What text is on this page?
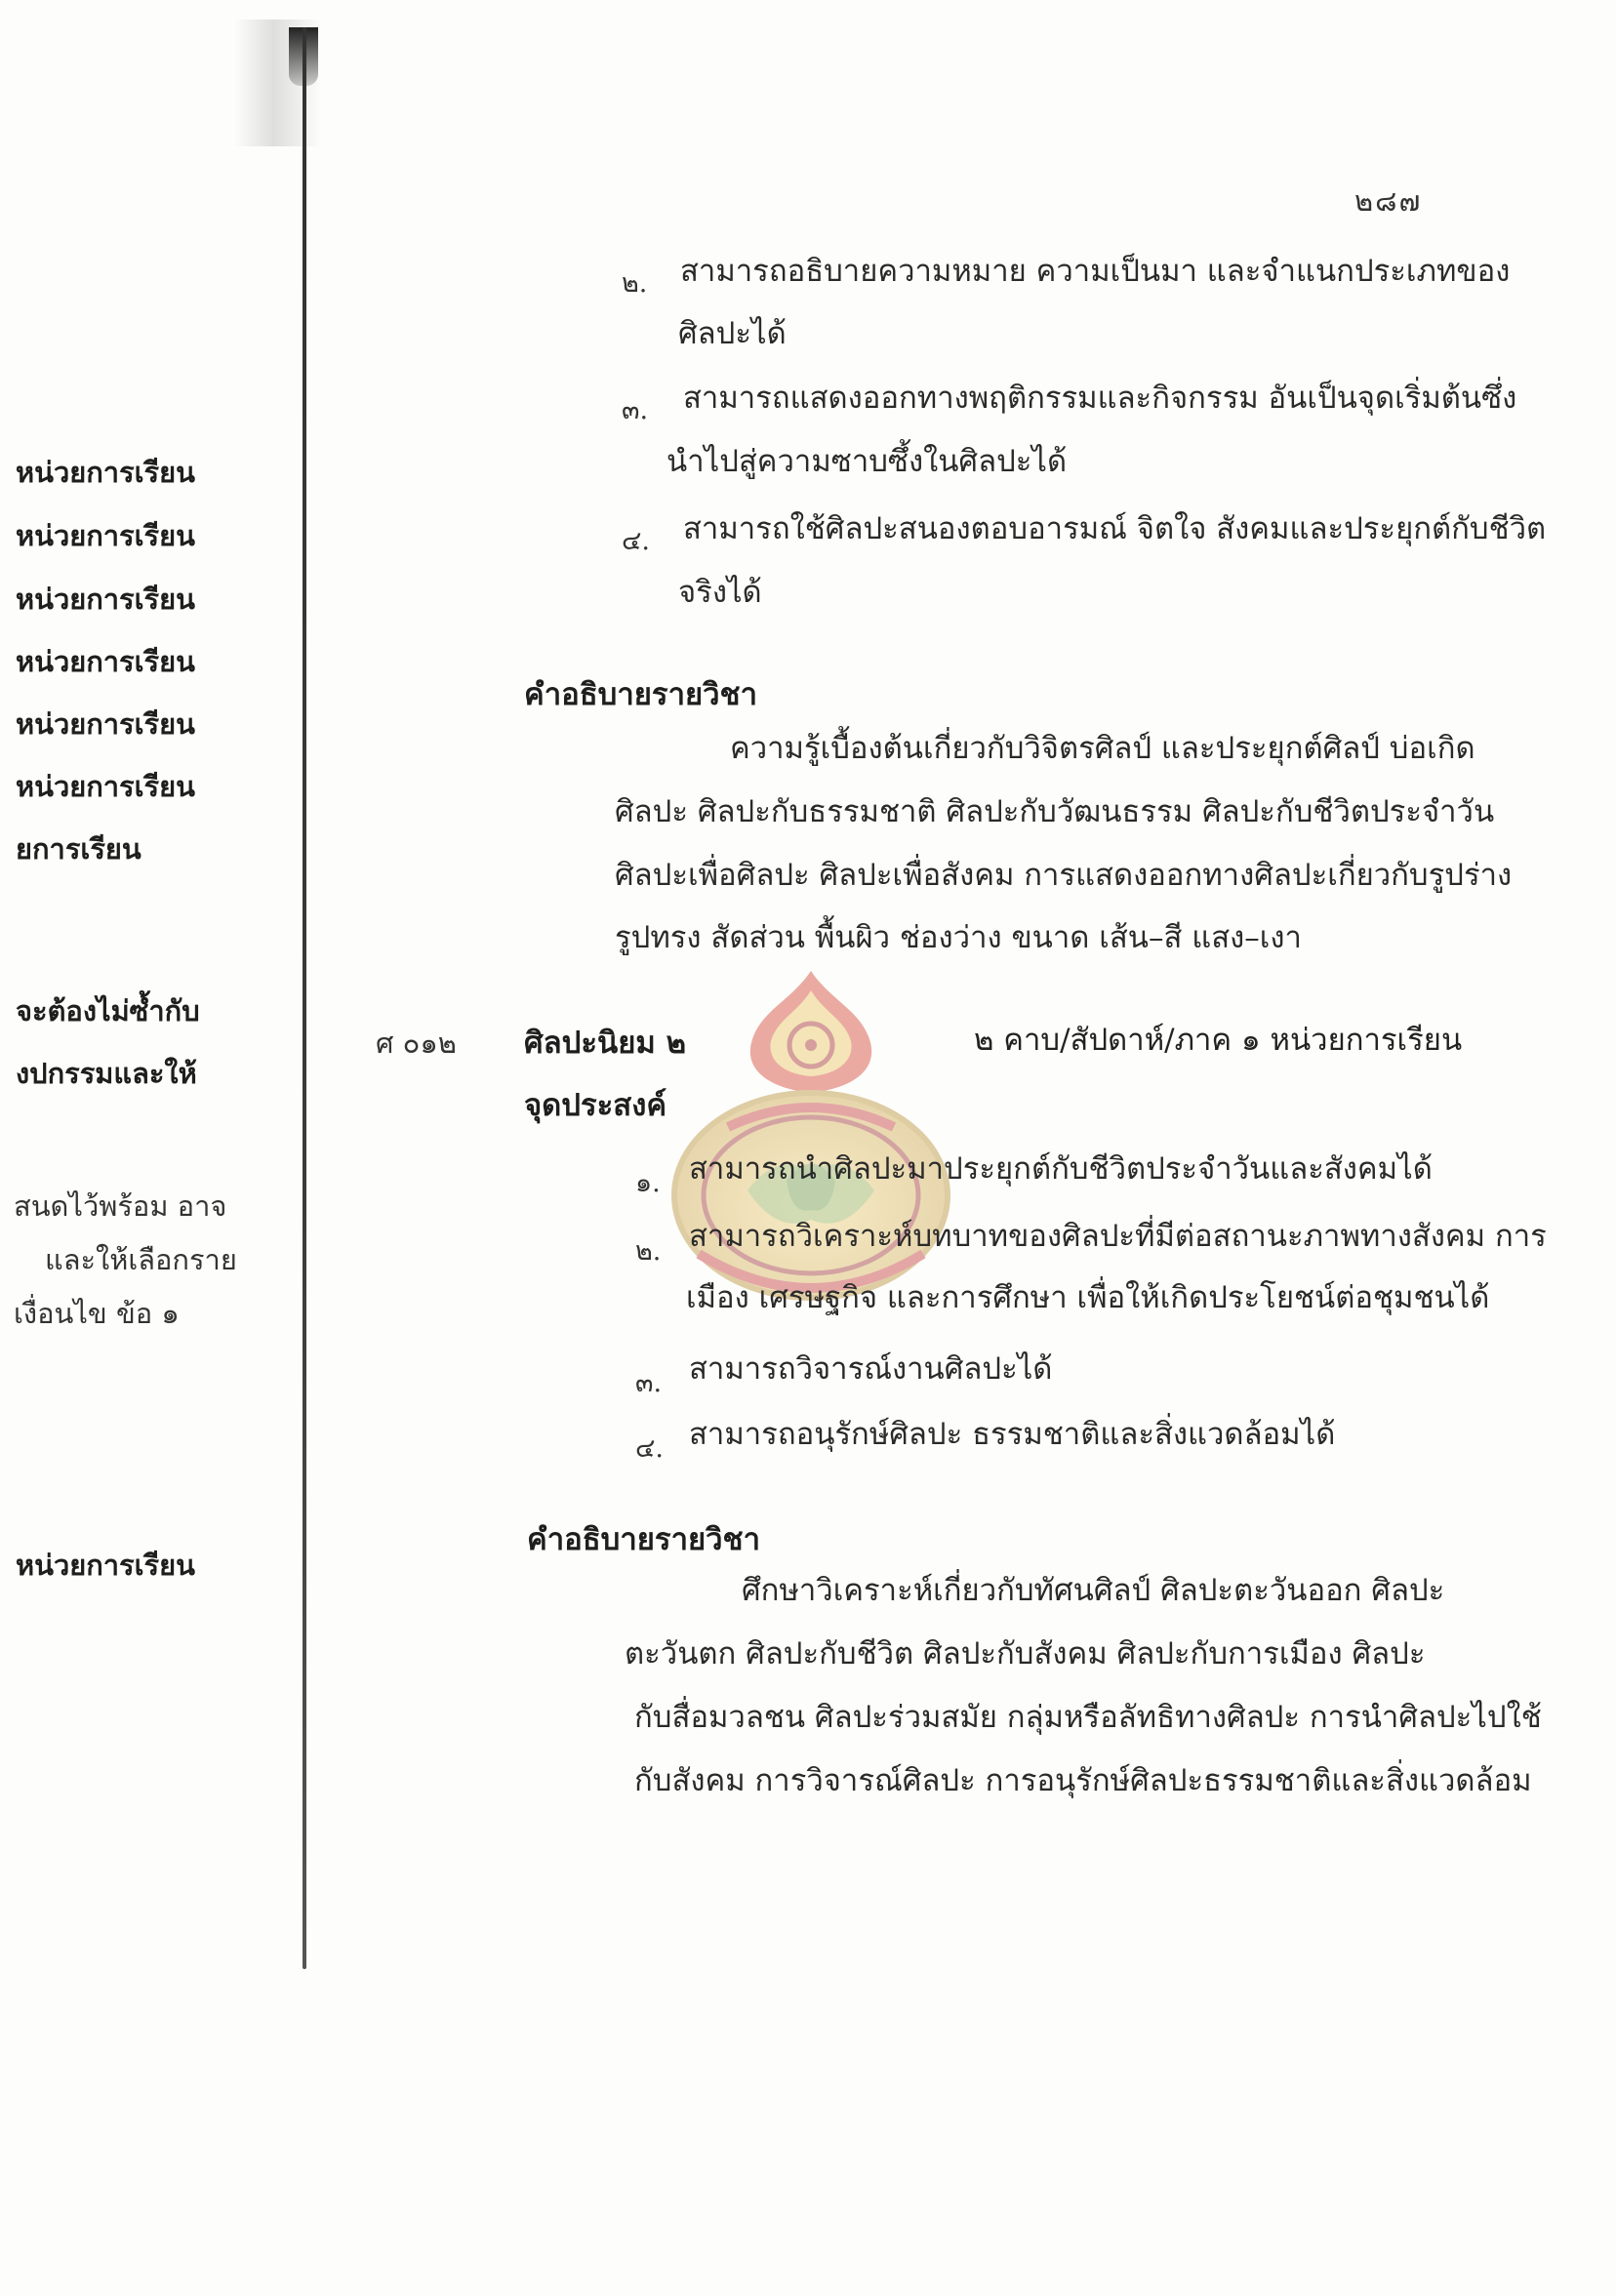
หน่วยการเรียน
หน่วยการเรียน
หน่วยการเรียน
หน่วยการเรียน
หน่วยการเรียน
หน่วยการเรียน
ยการเรียน
จะต้องไม่ซ้ำกับ
งปกรรมและให้
สนดไว้พร้อม อาจ
และให้เลือกราย
เงื่อนไข ข้อ ๑
หน่วยการเรียน
๒๘๗
๒. สามารถอธิบายความหมาย ความเป็นมา และจำแนกประเภทของ
ศิลปะได้
๓. สามารถแสดงออกทางพฤติกรรมและกิจกรรม อันเป็นจุดเริ่มต้นซึ่ง
นำไปสู่ความซาบซึ้งในศิลปะได้
๔. สามารถใช้ศิลปะสนองตอบอารมณ์ จิตใจ สังคมและประยุกต์กับชีวิต
จริงได้
คำอธิบายรายวิชา
ความรู้เบื้องต้นเกี่ยวกับวิจิตรศิลป์ และประยุกต์ศิลป์ บ่อเกิด
ศิลปะ ศิลปะกับธรรมชาติ ศิลปะกับวัฒนธรรม ศิลปะกับชีวิตประจำวัน
ศิลปะเพื่อศิลปะ ศิลปะเพื่อสังคม การแสดงออกทางศิลปะเกี่ยวกับรูปร่าง
รูปทรง สัดส่วน พื้นผิว ช่องว่าง ขนาด เส้น–สี แสง–เงา
ศ ๐๑๒ ศิลปะนิยม ๒	๒ คาบ/สัปดาห์/ภาค ๑ หน่วยการเรียน
จุดประสงค์
๑. สามารถนำศิลปะมาประยุกต์กับชีวิตประจำวันและสังคมได้
๒. สามารถวิเคราะห์บทบาทของศิลปะที่มีต่อสถานะภาพทางสังคม การ
เมือง เศรษฐกิจ และการศึกษา เพื่อให้เกิดประโยชน์ต่อชุมชนได้
๓. สามารถวิจารณ์งานศิลปะได้
๔. สามารถอนุรักษ์ศิลปะ ธรรมชาติและสิ่งแวดล้อมได้
คำอธิบายรายวิชา
ศึกษาวิเคราะห์เกี่ยวกับทัศนศิลป์ ศิลปะตะวันออก ศิลปะ
ตะวันตก ศิลปะกับชีวิต ศิลปะกับสังคม ศิลปะกับการเมือง ศิลปะ
กับสื่อมวลชน ศิลปะร่วมสมัย กลุ่มหรือลัทธิทางศิลปะ การนำศิลปะไปใช้
กับสังคม การวิจารณ์ศิลปะ การอนุรักษ์ศิลปะธรรมชาติและสิ่งแวดล้อม
